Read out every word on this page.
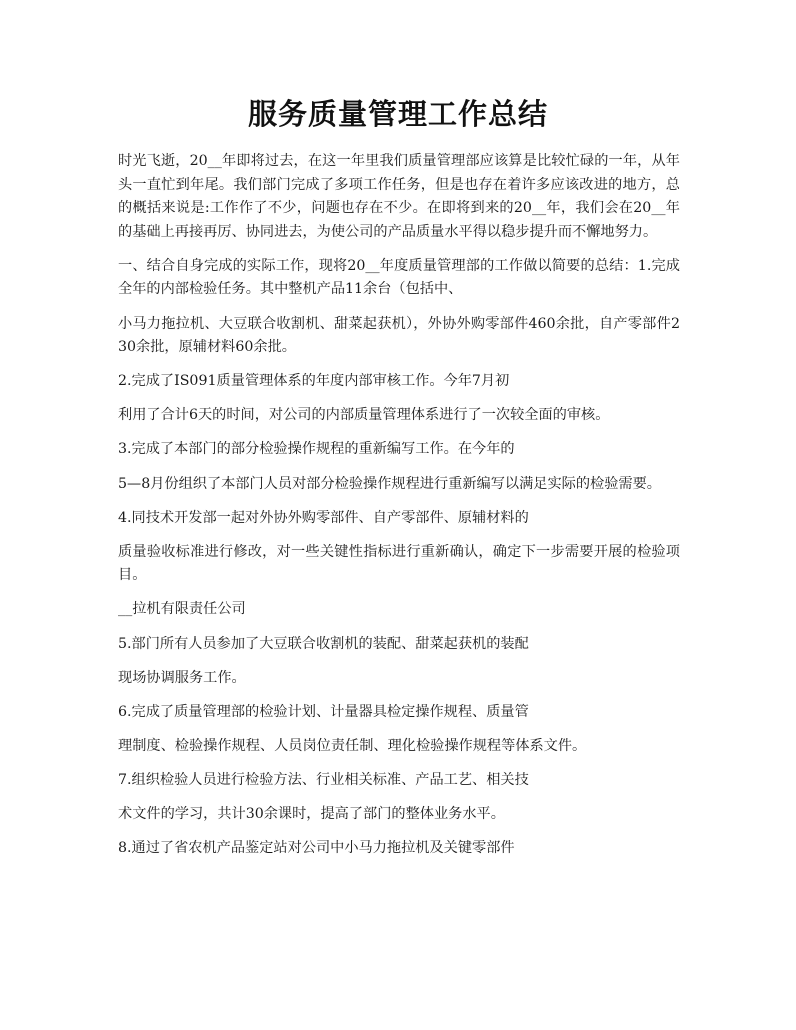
服务质量管理工作总结

时光飞逝，20__年即将过去，在这一年里我们质量管理部应该算是比较忙碌的一年，从年头一直忙到年尾。我们部门完成了多项工作任务，但是也存在着许多应该改进的地方，总的概括来说是:工作作了不少，问题也存在不少。在即将到来的20__年，我们会在20__年的基础上再接再厉、协同进去，为使公司的产品质量水平得以稳步提升而不懈地努力。

一、结合自身完成的实际工作，现将20__年度质量管理部的工作做以简要的总结：1.完成全年的内部检验任务。其中整机产品11余台（包括中、

小马力拖拉机、大豆联合收割机、甜菜起获机），外协外购零部件460余批，自产零部件230余批，原辅材料60余批。

2.完成了IS091质量管理体系的年度内部审核工作。今年7月初

利用了合计6天的时间，对公司的内部质量管理体系进行了一次较全面的审核。

3.完成了本部门的部分检验操作规程的重新编写工作。在今年的

5—8月份组织了本部门人员对部分检验操作规程进行重新编写以满足实际的检验需要。

4.同技术开发部一起对外协外购零部件、自产零部件、原辅材料的

质量验收标准进行修改，对一些关键性指标进行重新确认，确定下一步需要开展的检验项目。

__拉机有限责任公司

5.部门所有人员参加了大豆联合收割机的装配、甜菜起获机的装配

现场协调服务工作。

6.完成了质量管理部的检验计划、计量器具检定操作规程、质量管

理制度、检验操作规程、人员岗位责任制、理化检验操作规程等体系文件。

7.组织检验人员进行检验方法、行业相关标准、产品工艺、相关技

术文件的学习，共计30余课时，提高了部门的整体业务水平。

8.通过了省农机产品鉴定站对公司中小马力拖拉机及关键零部件
